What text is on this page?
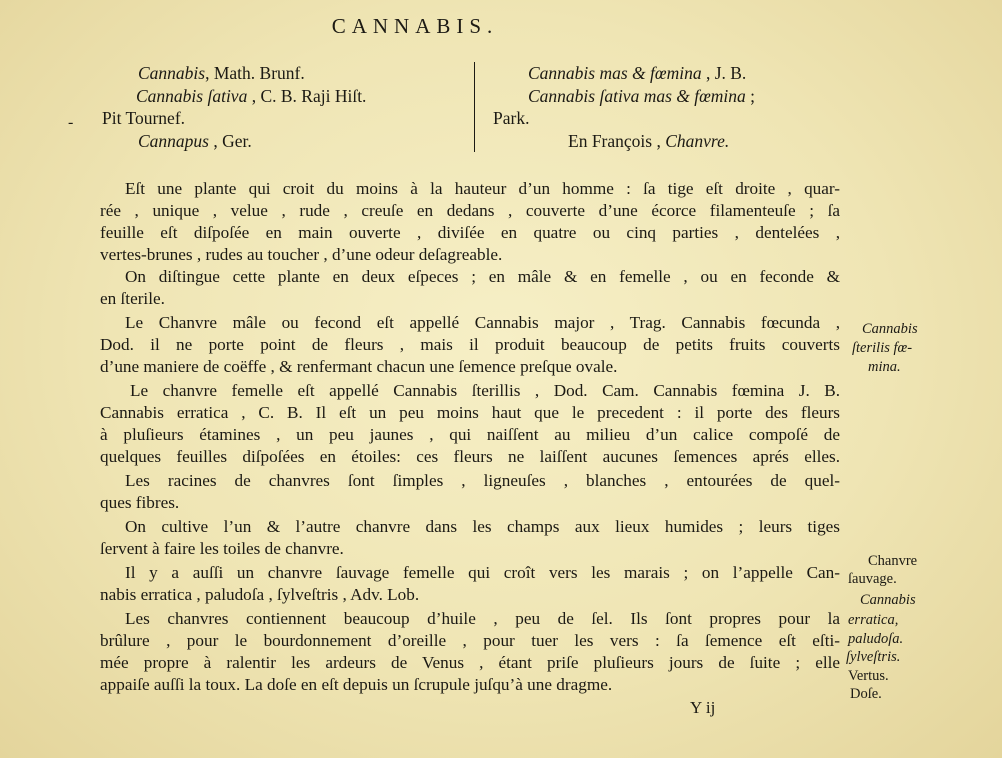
CANNABIS.
Cannabis, Math. Brunf.
Cannabis ſativa , C. B. Raji Hiſt.
Pit Tournef.
Cannapus , Ger.
-
Cannabis mas & fœmina , J. B.
Cannabis ſativa mas & fœmina ;
Park.
En François , Chanvre.
Eſt une plante qui croit du moins à la hauteur d’un homme : ſa tige eſt droite , quar-
rée , unique , velue , rude , creuſe en dedans , couverte d’une écorce filamenteuſe ; ſa
feuille eſt diſpoſée en main ouverte , diviſée en quatre ou cinq parties , dentelées ,
vertes-brunes , rudes au toucher , d’une odeur deſagreable.
On diſtingue cette plante en deux eſpeces ; en mâle & en femelle , ou en feconde &
en ſterile.
Le Chanvre mâle ou fecond eſt appellé Cannabis major , Trag. Cannabis fœcunda ,
Dod. il ne porte point de fleurs , mais il produit beaucoup de petits fruits couverts
d’une maniere de coëffe , & renfermant chacun une ſemence preſque ovale.
Le chanvre femelle eſt appellé Cannabis ſterillis , Dod. Cam. Cannabis fœmina J. B.
Cannabis erratica , C. B. Il eſt un peu moins haut que le precedent : il porte des fleurs
à pluſieurs étamines , un peu jaunes , qui naiſſent au milieu d’un calice compoſé de
quelques feuilles diſpoſées en étoiles: ces fleurs ne laiſſent aucunes ſemences aprés elles.
Les racines de chanvres ſont ſimples , ligneuſes , blanches , entourées de quel-
ques fibres.
On cultive l’un & l’autre chanvre dans les champs aux lieux humides ; leurs tiges
ſervent à faire les toiles de chanvre.
Il y a auſſi un chanvre ſauvage femelle qui croît vers les marais ; on l’appelle Can-
nabis erratica , paludoſa , ſylveſtris , Adv. Lob.
Les chanvres contiennent beaucoup d’huile , peu de ſel. Ils ſont propres pour la
brûlure , pour le bourdonnement d’oreille , pour tuer les vers : ſa ſemence eſt eſti-
mée propre à ralentir les ardeurs de Venus , étant priſe pluſieurs jours de ſuite ; elle
appaiſe auſſi la toux. La doſe en eſt depuis un ſcrupule juſqu’à une dragme.
Cannabis
ſterilis fœ-
mina.
Chanvre
ſauvage.
Cannabis
erratica,
paludoſa.
ſylveſtris.
Vertus.
Doſe.
Y ij
